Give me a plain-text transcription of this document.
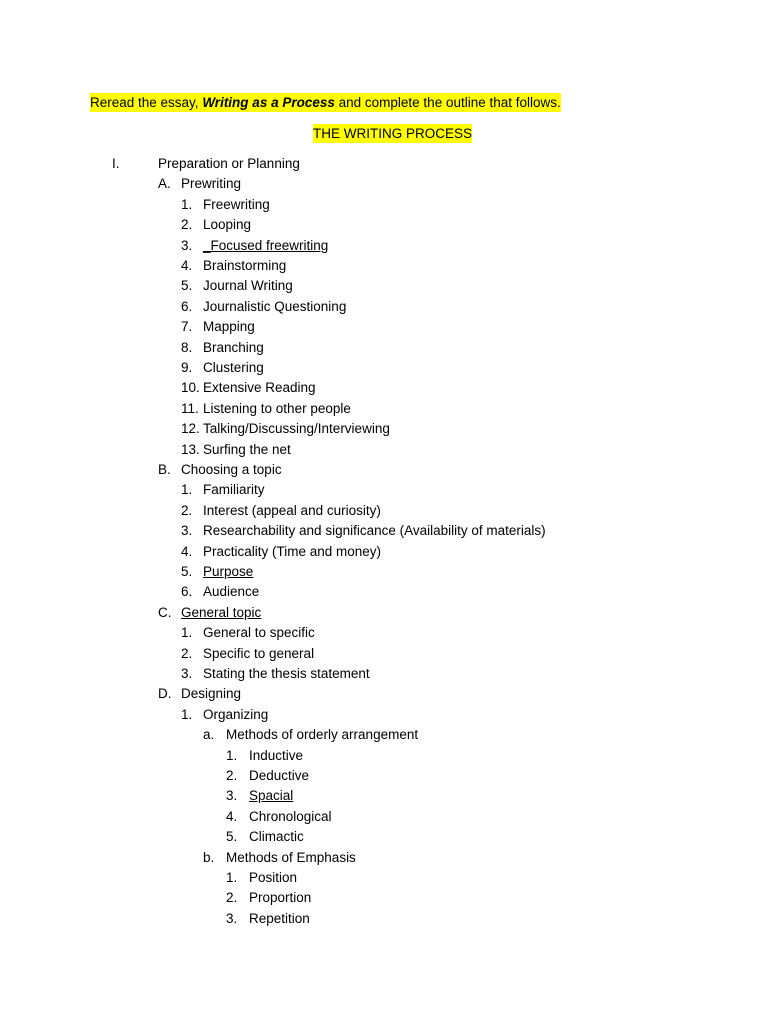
Reread the essay, Writing as a Process and complete the outline that follows.
THE WRITING PROCESS
I.	Preparation or Planning
A. Prewriting
1. Freewriting
2. Looping
3. _Focused freewriting
4. Brainstorming
5. Journal Writing
6. Journalistic Questioning
7. Mapping
8. Branching
9. Clustering
10. Extensive Reading
11. Listening to other people
12. Talking/Discussing/Interviewing
13. Surfing the net
B. Choosing a topic
1. Familiarity
2. Interest (appeal and curiosity)
3. Researchability and significance (Availability of materials)
4. Practicality (Time and money)
5. Purpose
6. Audience
C. General topic
1. General to specific
2. Specific to general
3. Stating the thesis statement
D. Designing
1. Organizing
a. Methods of orderly arrangement
1. Inductive
2. Deductive
3. Spacial
4. Chronological
5. Climactic
b. Methods of Emphasis
1. Position
2. Proportion
3. Repetition
